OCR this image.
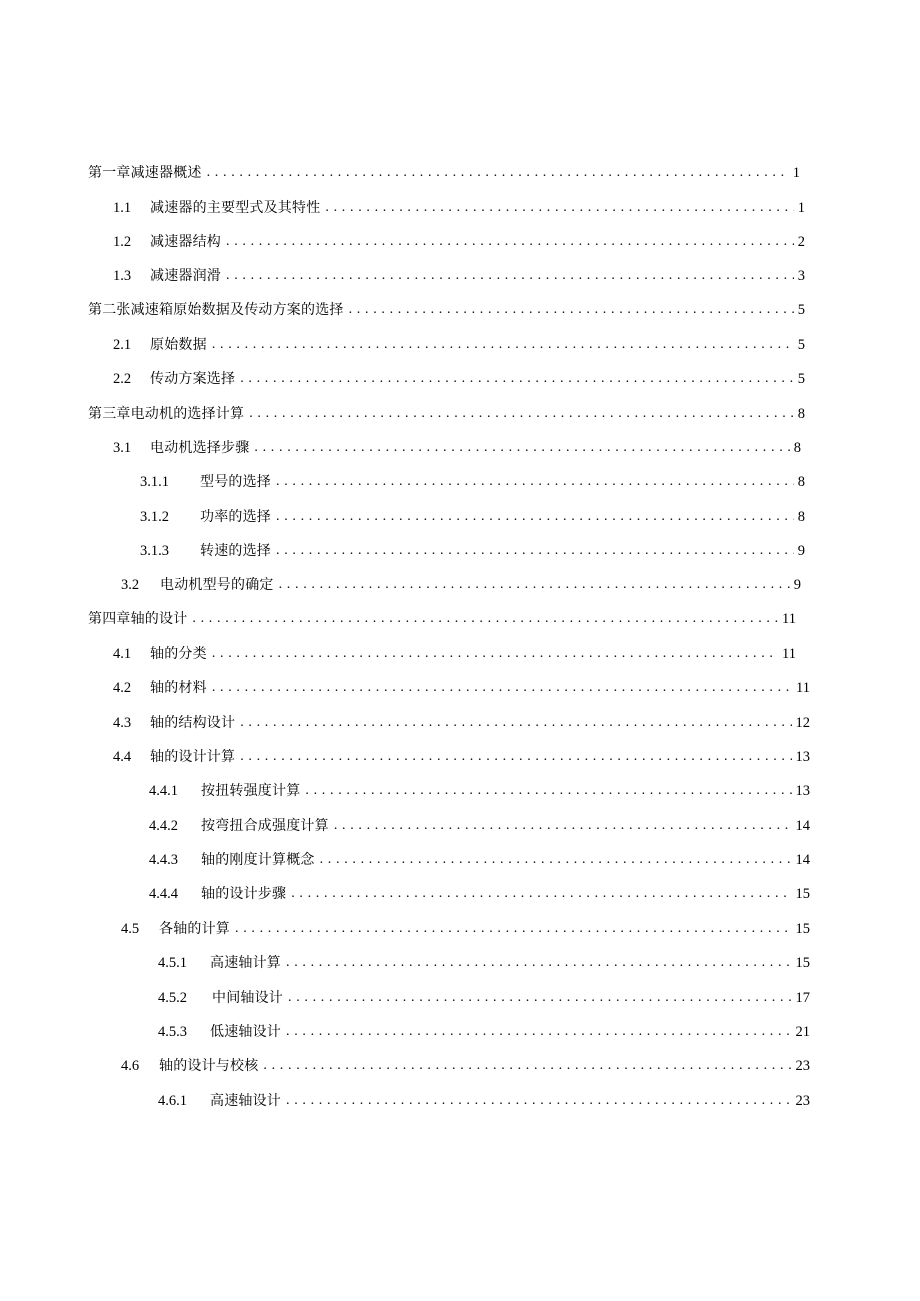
第一章减速器概述 . . .	1
1.1	减速器的主要型式及其特性 . . .	1
1.2	减速器结构 . . .	2
1.3	减速器润滑 . . .	3
第二张减速箱原始数据及传动方案的选择 . . .	5
2.1	原始数据 . . .	5
2.2	传动方案选择 . . .	5
第三章电动机的选择计算 . . .	8
3.1	电动机选择步骤 . . .	8
3.1.1	型号的选择 . . .	8
3.1.2	功率的选择 . . .	8
3.1.3	转速的选择 . . .	9
3.2	电动机型号的确定 . . .	9
第四章轴的设计 . . .	11
4.1	轴的分类 . . .	11
4.2	轴的材料 . . .	11
4.3	轴的结构设计 . . .	12
4.4	轴的设计计算 . . .	13
4.4.1	按扭转强度计算 . . .	13
4.4.2	按弯扭合成强度计算 . . .	14
4.4.3	轴的刚度计算概念 . . .	14
4.4.4	轴的设计步骤 . . .	15
4.5	各轴的计算 . . .	15
4.5.1	高速轴计算 . . .	15
4.5.2	中间轴设计 . . .	17
4.5.3	低速轴设计 . . .	21
4.6	轴的设计与校核 . . .	23
4.6.1	高速轴设计 . . .	23
